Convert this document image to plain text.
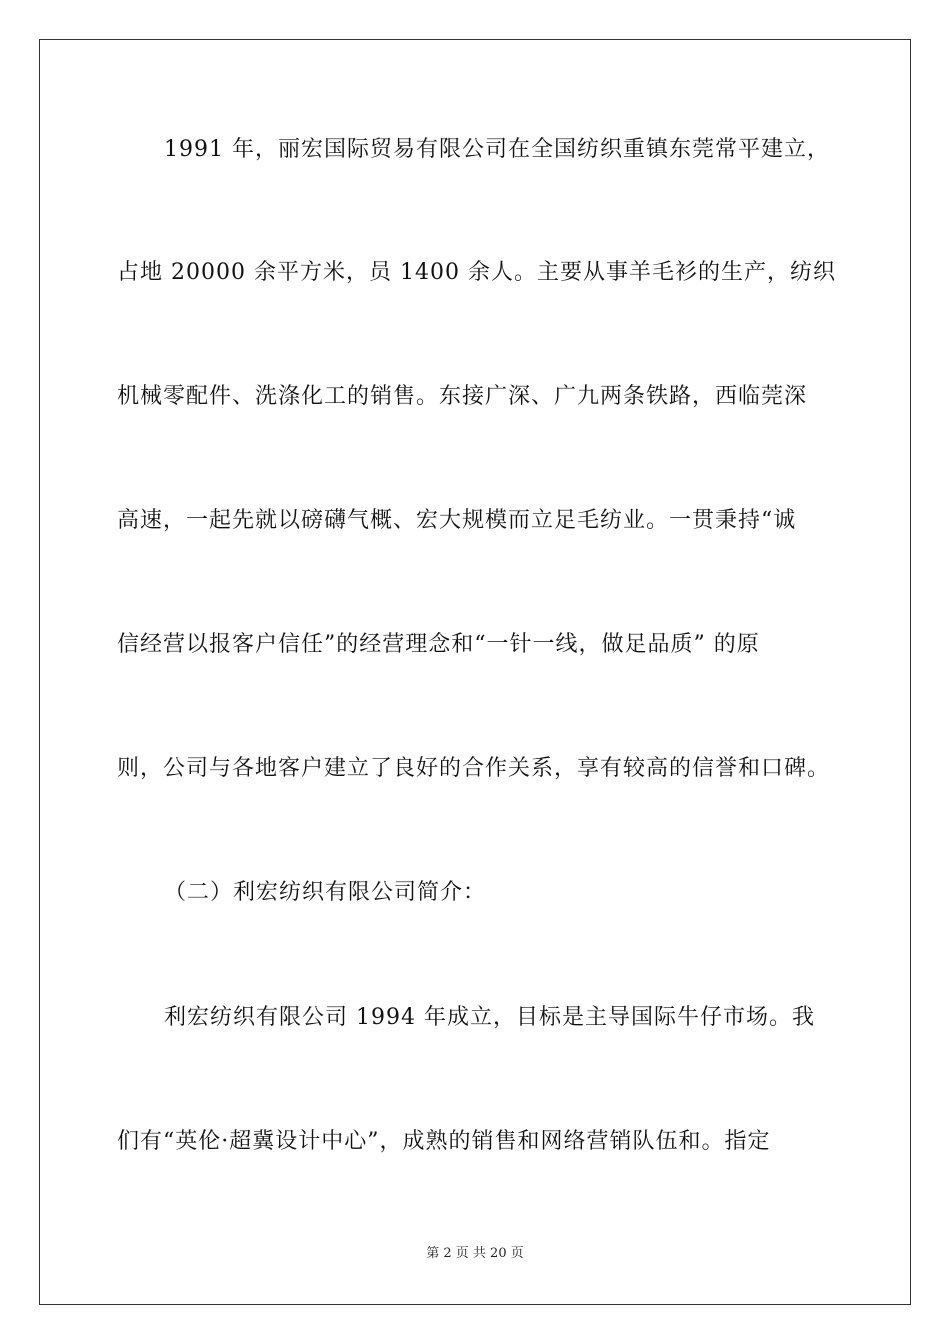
1991 年，丽宏国际贸易有限公司在全国纺织重镇东莞常平建立，
占地 20000 余平方米，员 1400 余人。主要从事羊毛衫的生产，纺织
机械零配件、洗涤化工的销售。东接广深、广九两条铁路，西临莞深
高速，一起先就以磅礴气概、宏大规模而立足毛纺业。一贯秉持“诚
信经营以报客户信任”的经营理念和“一针一线，做足品质” 的原
则，公司与各地客户建立了良好的合作关系，享有较高的信誉和口碑。
（二）利宏纺织有限公司简介：
利宏纺织有限公司 1994 年成立，目标是主导国际牛仔市场。我
们有“英伦·超冀设计中心”，成熟的销售和网络营销队伍和。指定
第 2 页 共 20 页
